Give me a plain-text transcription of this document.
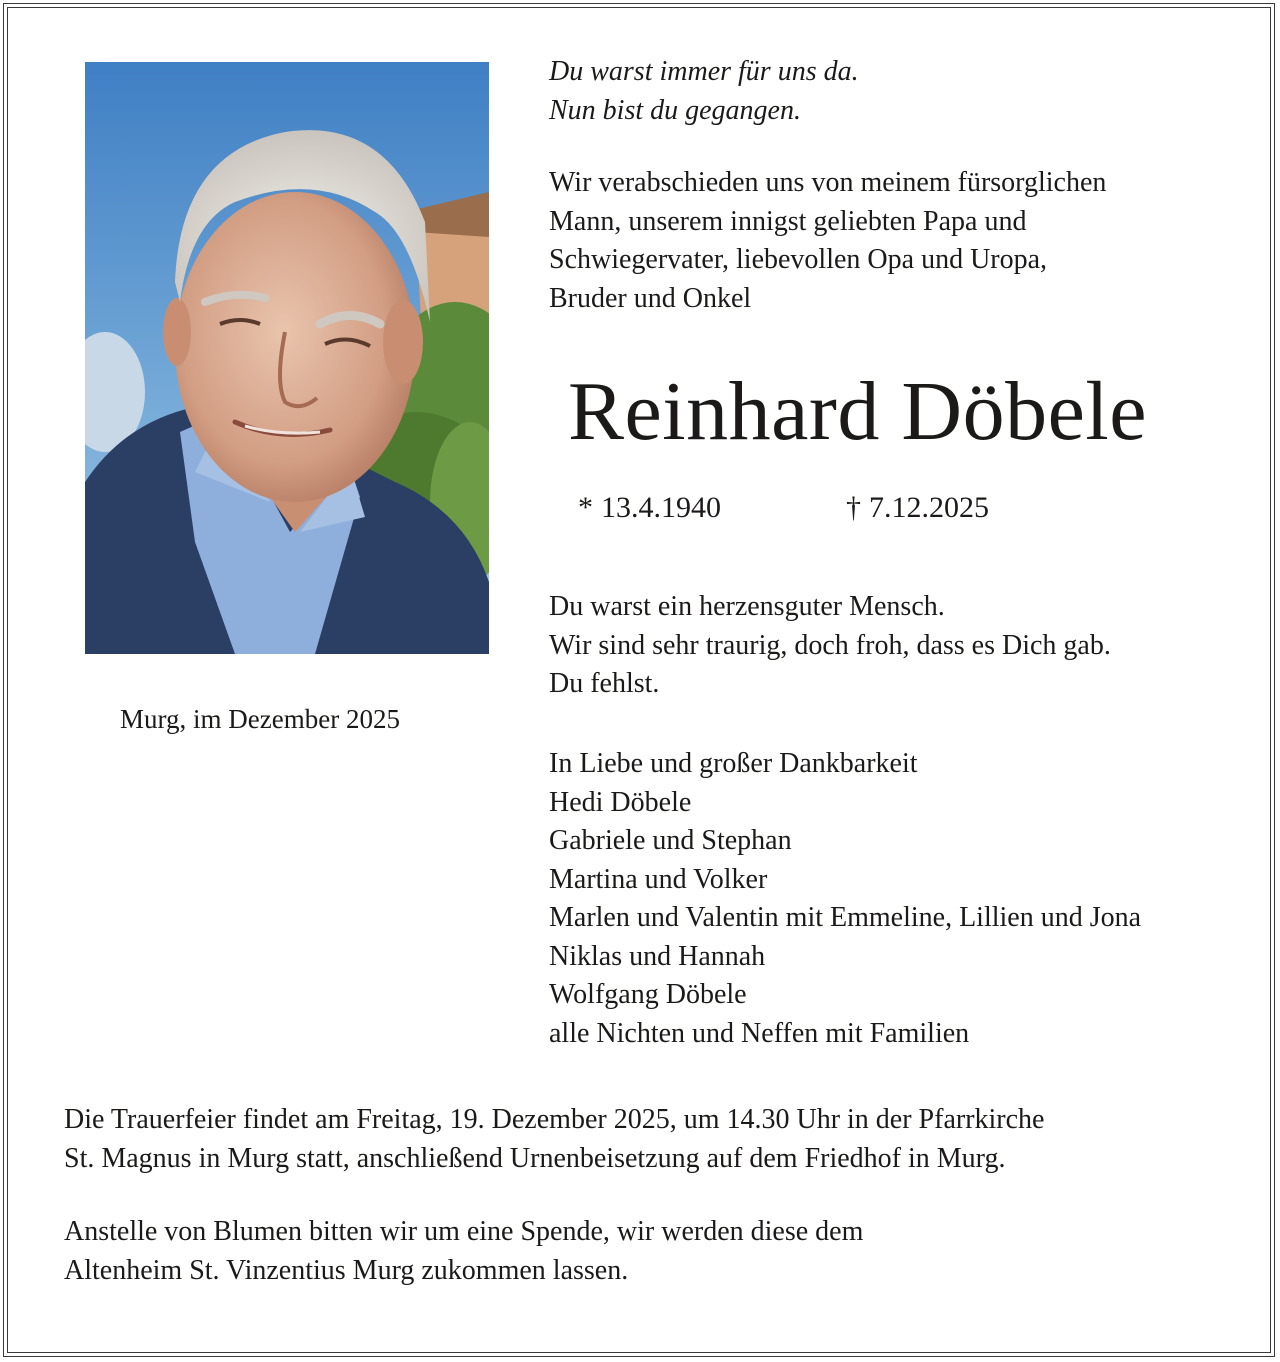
Murg, im Dezember 2025
Du warst immer für uns da.
Nun bist du gegangen.
Wir verabschieden uns von meinem fürsorglichen
Mann, unserem innigst geliebten Papa und
Schwiegervater, liebevollen Opa und Uropa,
Bruder und Onkel
Reinhard Döbele
* 13.4.1940	† 7.12.2025
Du warst ein herzensguter Mensch.
Wir sind sehr traurig, doch froh, dass es Dich gab.
Du fehlst.
In Liebe und großer Dankbarkeit
Hedi Döbele
Gabriele und Stephan
Martina und Volker
Marlen und Valentin mit Emmeline, Lillien und Jona
Niklas und Hannah
Wolfgang Döbele
alle Nichten und Neffen mit Familien
Die Trauerfeier findet am Freitag, 19. Dezember 2025, um 14.30 Uhr in der Pfarrkirche
St. Magnus in Murg statt, anschließend Urnenbeisetzung auf dem Friedhof in Murg.
Anstelle von Blumen bitten wir um eine Spende, wir werden diese dem
Altenheim St. Vinzentius Murg zukommen lassen.
